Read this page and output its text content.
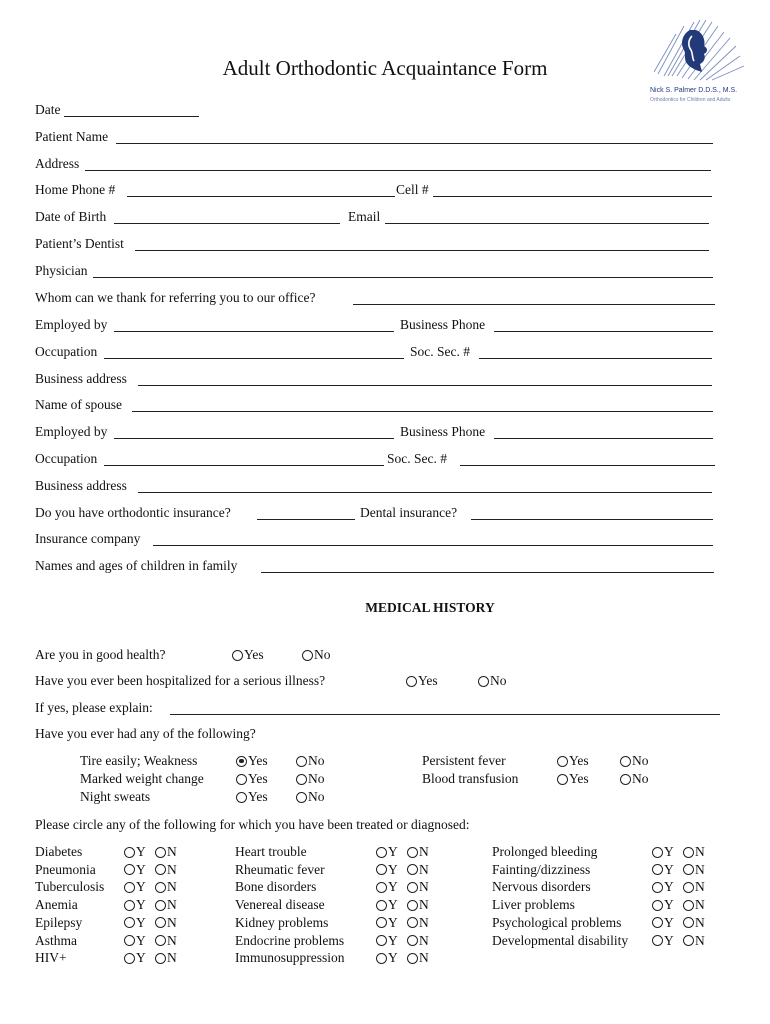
Adult Orthodontic Acquaintance Form
Nick S. Palmer D.D.S., M.S.
Orthodontics for Children and Adults
Date
Patient Name
Address
Home Phone #	Cell #
Date of Birth	Email
Patient’s Dentist
Physician
Whom can we thank for referring you to our office?
Employed by	Business Phone
Occupation	Soc. Sec. #
Business address
Name of spouse
Employed by	Business Phone
Occupation	Soc. Sec. #
Business address
Do you have orthodontic insurance?	Dental insurance?
Insurance company
Names and ages of children in family
MEDICAL HISTORY
Are you in good health?	Yes	No
Have you ever been hospitalized for a serious illness?	Yes	No
If yes, please explain:
Have you ever had any of the following?
Tire easily; Weakness	Yes	No
Marked weight change	Yes	No
Night sweats	Yes	No
Persistent fever	Yes	No
Blood transfusion	Yes	No
Please circle any of the following for which you have been treated or diagnosed:
Diabetes	Y N
Pneumonia	Y N
Tuberculosis Y N
Anemia	Y N
Epilepsy	Y N
Asthma	Y N
HIV+	Y N
Heart trouble	Y N
Rheumatic fever	Y N
Bone disorders	Y N
Venereal disease	Y N
Kidney problems	Y N
Endocrine problems	Y N
Immunosuppression	Y N
Prolonged bleeding	Y N
Fainting/dizziness	Y N
Nervous disorders	Y N
Liver problems	Y N
Psychological problems	Y N
Developmental disability	Y N
